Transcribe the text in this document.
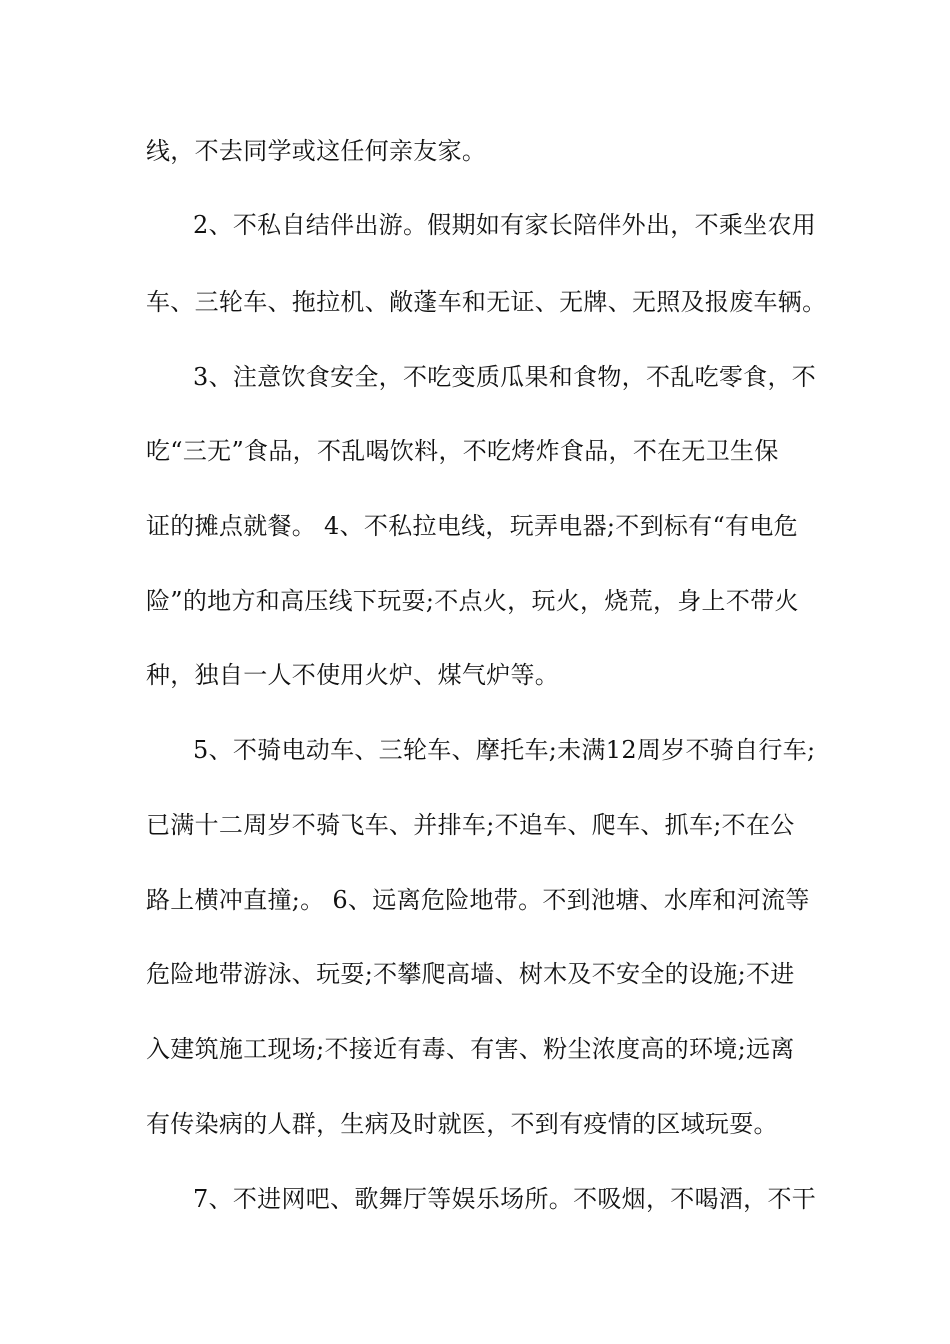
线，不去同学或这任何亲友家。
2、不私自结伴出游。假期如有家长陪伴外出，不乘坐农用
车、三轮车、拖拉机、敞蓬车和无证、无牌、无照及报废车辆。
3、注意饮食安全，不吃变质瓜果和食物，不乱吃零食，不
吃“三无”食品，不乱喝饮料，不吃烤炸食品，不在无卫生保
证的摊点就餐。 4、不私拉电线，玩弄电器;不到标有“有电危
险”的地方和高压线下玩耍;不点火，玩火，烧荒，身上不带火
种，独自一人不使用火炉、煤气炉等。
5、不骑电动车、三轮车、摩托车;未满12周岁不骑自行车;
已满十二周岁不骑飞车、并排车;不追车、爬车、抓车;不在公
路上横冲直撞;。 6、远离危险地带。不到池塘、水库和河流等
危险地带游泳、玩耍;不攀爬高墙、树木及不安全的设施;不进
入建筑施工现场;不接近有毒、有害、粉尘浓度高的环境;远离
有传染病的人群，生病及时就医，不到有疫情的区域玩耍。
7、不进网吧、歌舞厅等娱乐场所。不吸烟，不喝酒，不干
